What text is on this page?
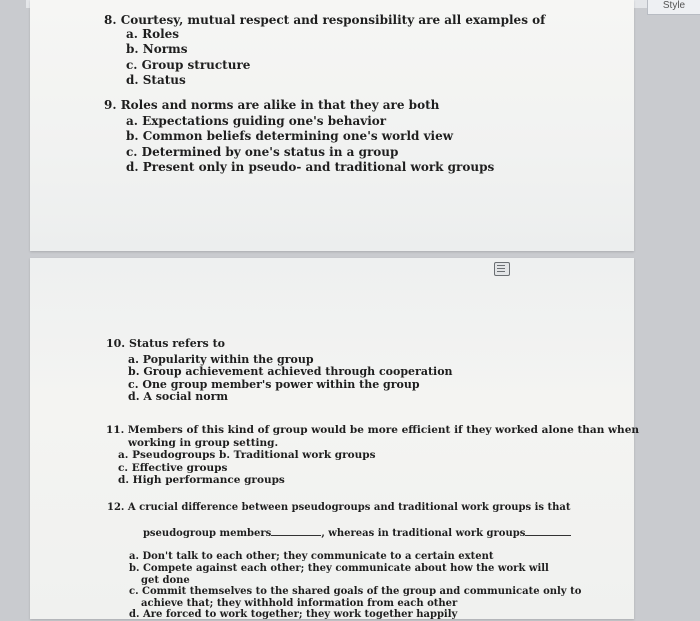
Style
8. Courtesy, mutual respect and responsibility are all examples of
a. Roles
b. Norms
c. Group structure
d. Status
9. Roles and norms are alike in that they are both
a. Expectations guiding one's behavior
b. Common beliefs determining one's world view
c. Determined by one's status in a group
d. Present only in pseudo- and traditional work groups
10. Status refers to
a. Popularity within the group
b. Group achievement achieved through cooperation
c. One group member's power within the group
d. A social norm
11. Members of this kind of group would be more efficient if they worked alone than when
working in group setting.
a. Pseudogroups b. Traditional work groups
c. Effective groups
d. High performance groups
12. A crucial difference between pseudogroups and traditional work groups is that

pseudogroup members	, whereas in traditional work groups

a. Don't talk to each other; they communicate to a certain extent
b. Compete against each other; they communicate about how the work will
get done
c. Commit themselves to the shared goals of the group and communicate only to
achieve that; they withhold information from each other
d. Are forced to work together; they work together happily
